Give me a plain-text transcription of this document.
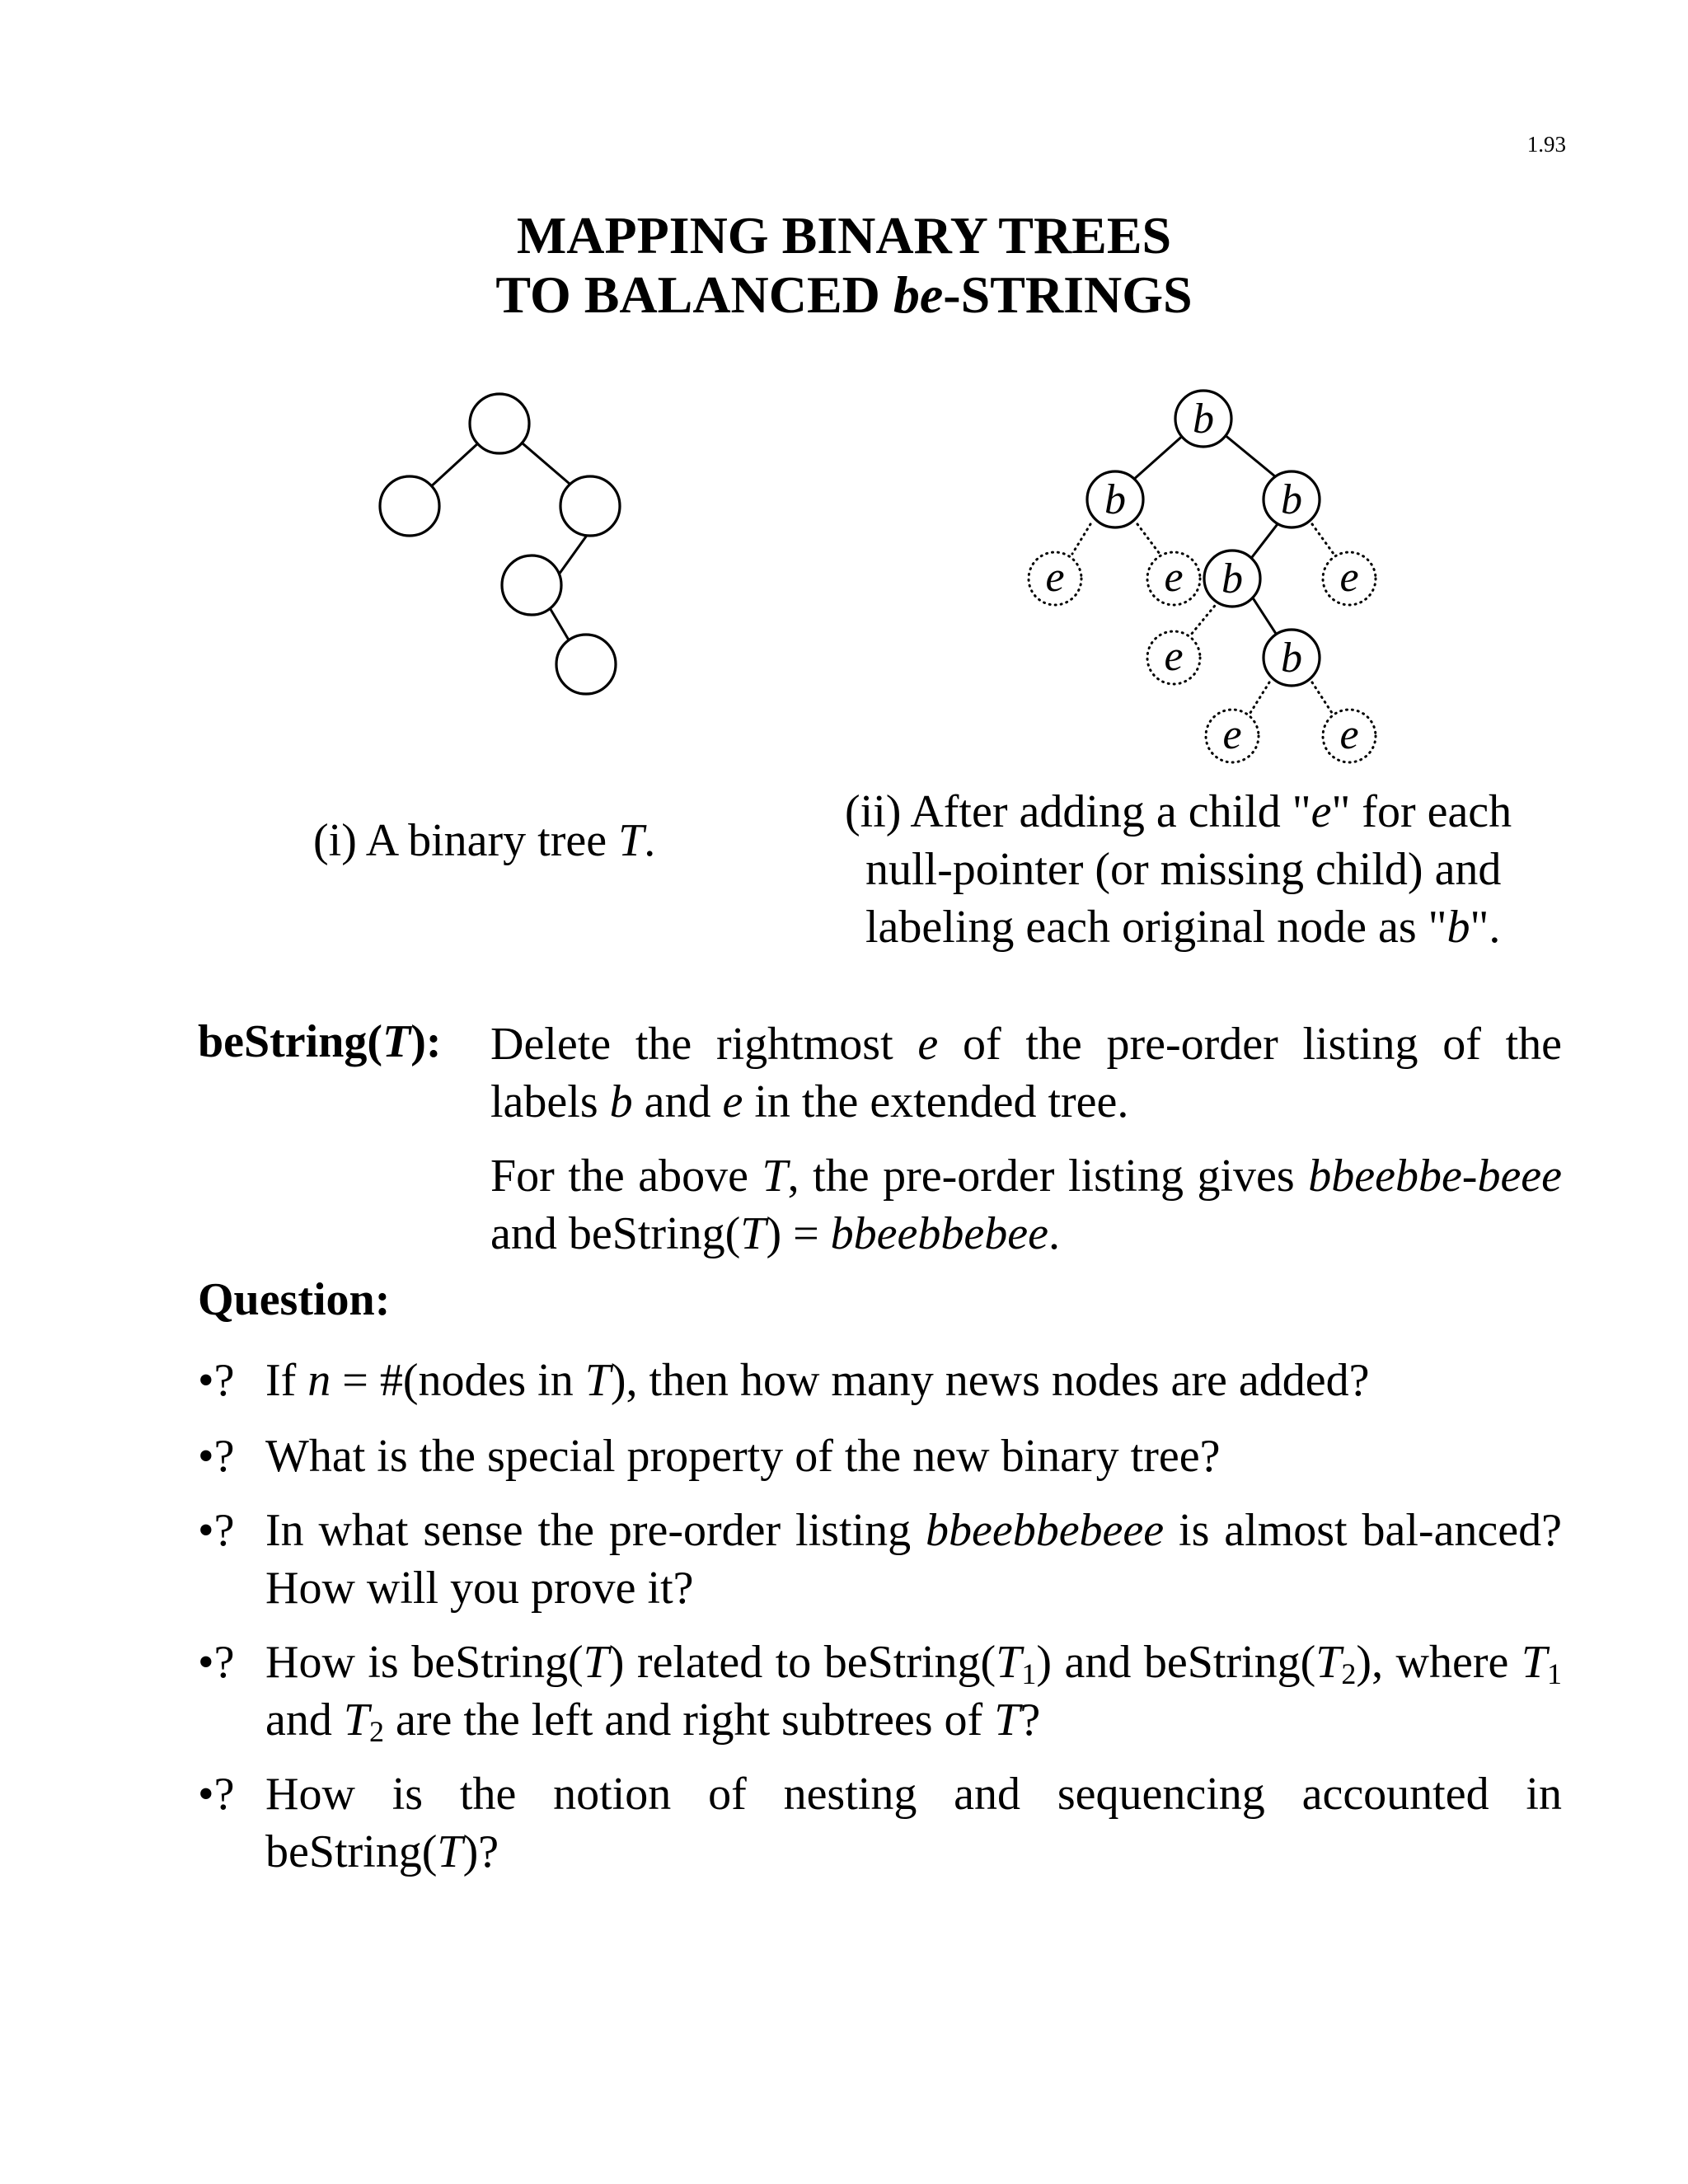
1.93
MAPPING BINARY TREES
TO BALANCED be-STRINGS
b
b	b
b
b
e e	e
e
e e
(i) A binary tree T.
(ii) After adding a child "e" for each
null-pointer (or missing child) and
labeling each original node as "b".
beString(T): Delete the rightmost e of the pre-order listing of the labels b and e in the extended tree.
For the above T, the pre-order listing gives bbeebbe-beee and beString(T) = bbeebbebee.
Question:
•? If n = #(nodes in T), then how many news nodes are added?
•? What is the special property of the new binary tree?
•? In what sense the pre-order listing bbeebbebeee is almost bal-anced? How will you prove it?
•? How is beString(T) related to $beString(T_1)$ and $beString(T_2)$, where $T_1$ and $T_2$ are the left and right subtrees of T?
•? How is the notion of nesting and sequencing accounted in beString(T)?
